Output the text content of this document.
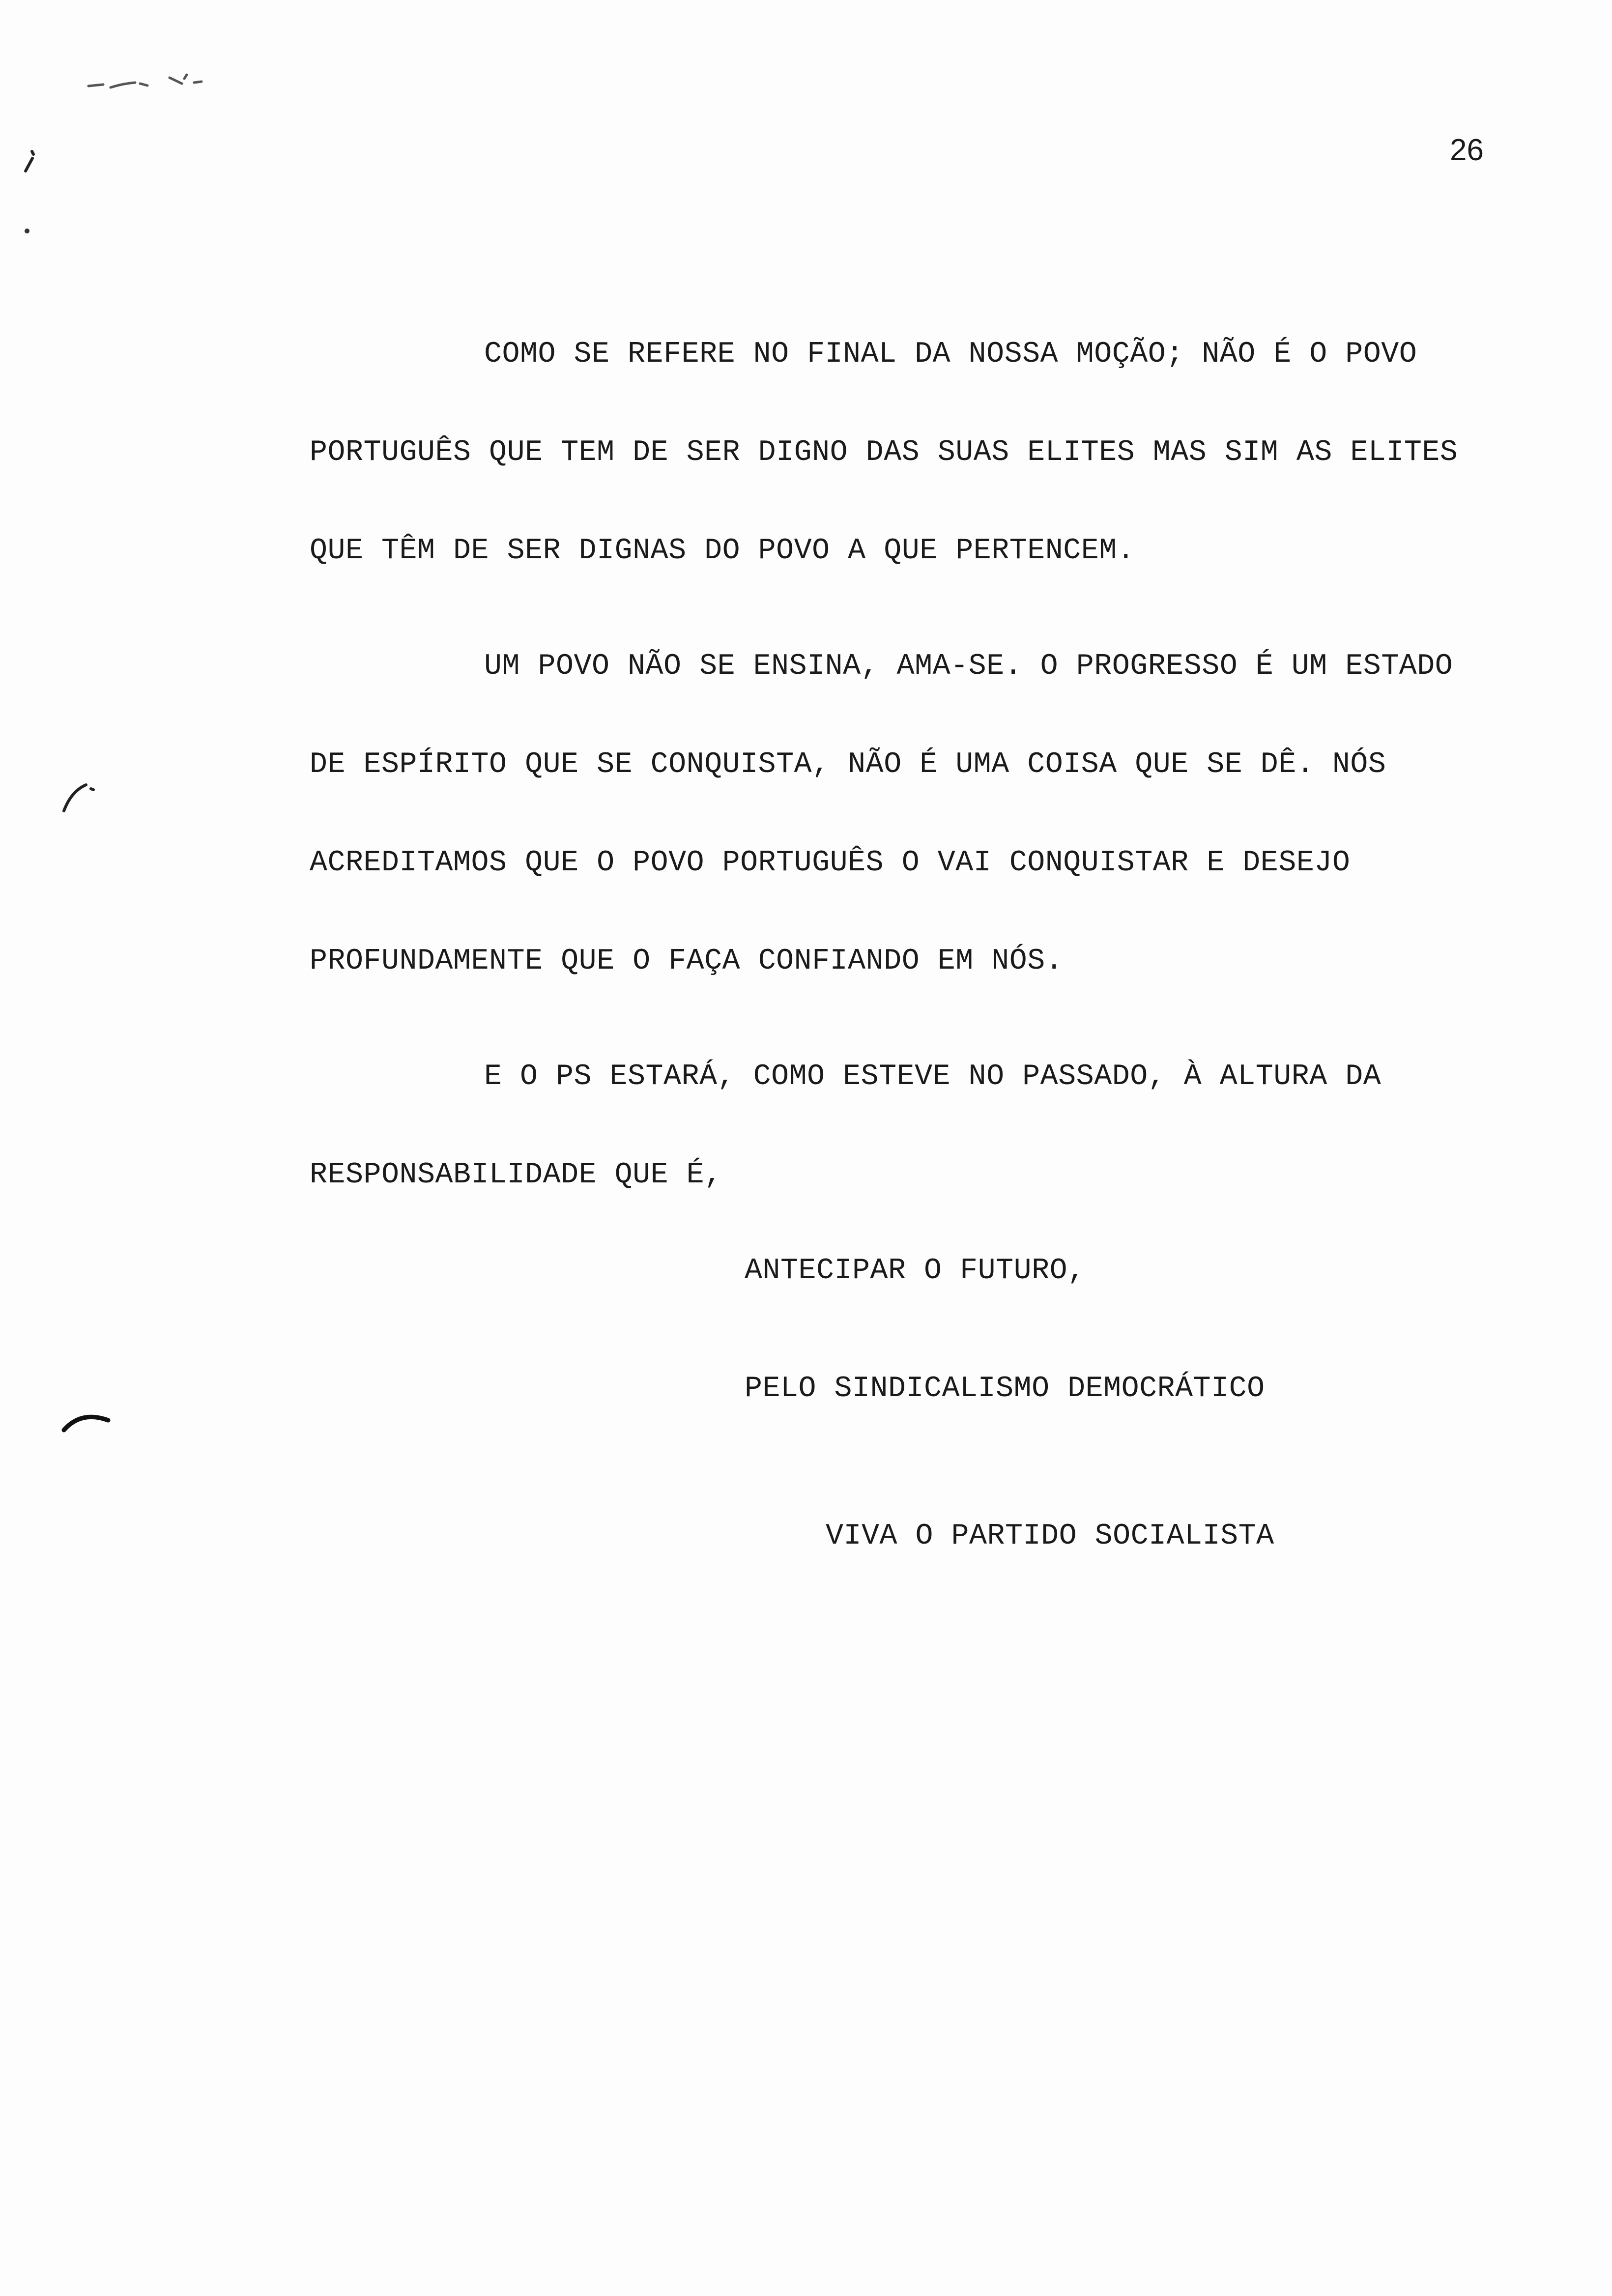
26
COMO SE REFERE NO FINAL DA NOSSA MOÇÃO; NÃO É O POVO
PORTUGUÊS QUE TEM DE SER DIGNO DAS SUAS ELITES MAS SIM AS ELITES
QUE TÊM DE SER DIGNAS DO POVO A QUE PERTENCEM.
UM POVO NÃO SE ENSINA, AMA-SE. O PROGRESSO É UM ESTADO
DE ESPÍRITO QUE SE CONQUISTA, NÃO É UMA COISA QUE SE DÊ. NÓS
ACREDITAMOS QUE O POVO PORTUGUÊS O VAI CONQUISTAR E DESEJO
PROFUNDAMENTE QUE O FAÇA CONFIANDO EM NÓS.
E O PS ESTARÁ, COMO ESTEVE NO PASSADO, À ALTURA DA
RESPONSABILIDADE QUE É,
ANTECIPAR O FUTURO,
PELO SINDICALISMO DEMOCRÁTICO
VIVA O PARTIDO SOCIALISTA
